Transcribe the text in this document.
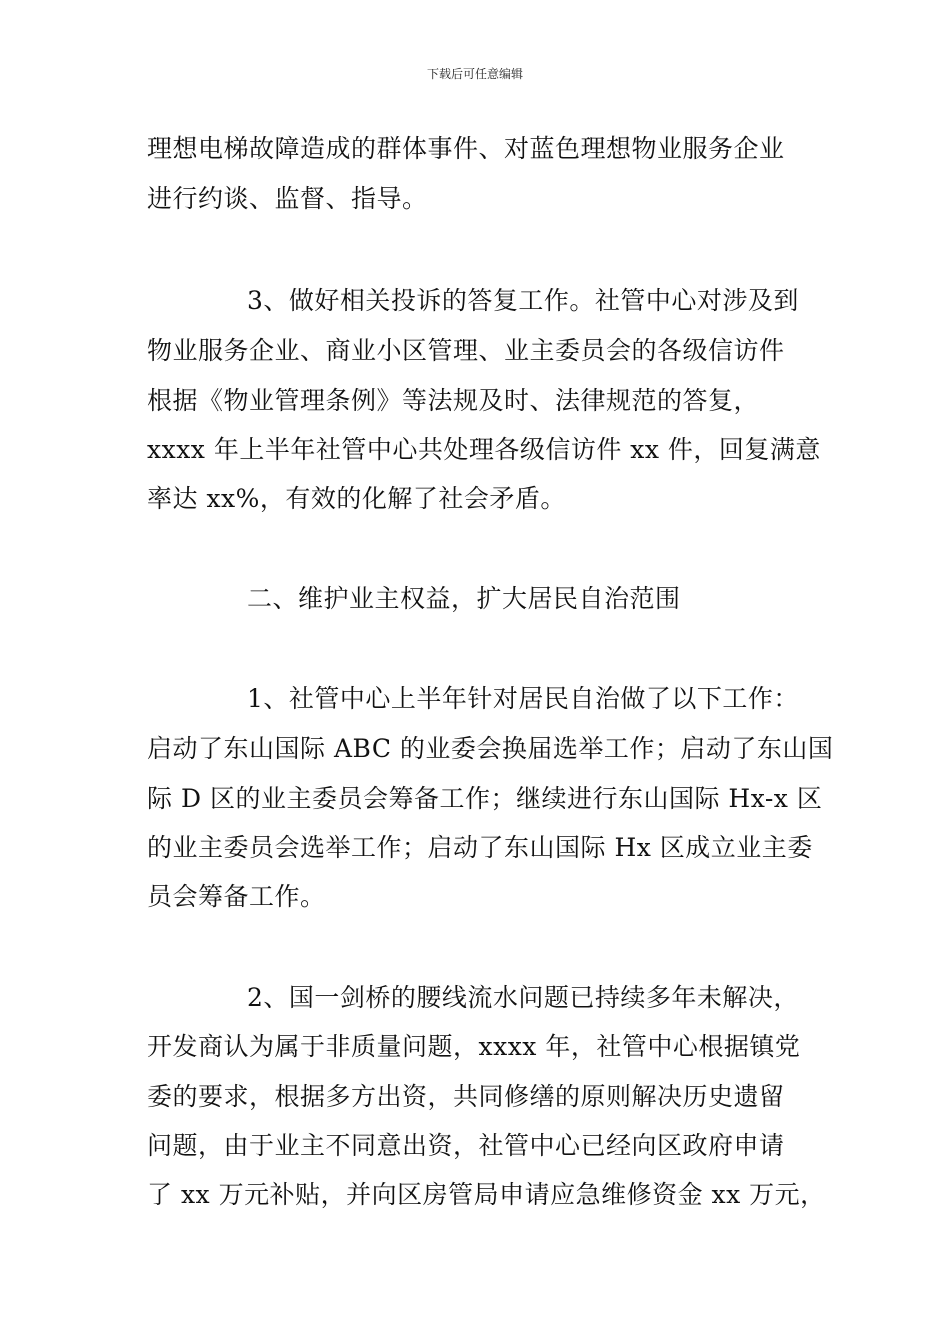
下载后可任意编辑
理想电梯故障造成的群体事件、对蓝色理想物业服务企业
进行约谈、监督、指导。
3、做好相关投诉的答复工作。社管中心对涉及到
物业服务企业、商业小区管理、业主委员会的各级信访件
根据《物业管理条例》等法规及时、法律规范的答复，
xxxx 年上半年社管中心共处理各级信访件 xx 件，回复满意
率达 xx%，有效的化解了社会矛盾。
二、维护业主权益，扩大居民自治范围
1、社管中心上半年针对居民自治做了以下工作：
启动了东山国际 ABC 的业委会换届选举工作；启动了东山国
际 D 区的业主委员会筹备工作；继续进行东山国际 Hx-x 区
的业主委员会选举工作；启动了东山国际 Hx 区成立业主委
员会筹备工作。
2、国一剑桥的腰线流水问题已持续多年未解决，
开发商认为属于非质量问题，xxxx 年，社管中心根据镇党
委的要求，根据多方出资，共同修缮的原则解决历史遗留
问题，由于业主不同意出资，社管中心已经向区政府申请
了 xx 万元补贴，并向区房管局申请应急维修资金 xx 万元，
